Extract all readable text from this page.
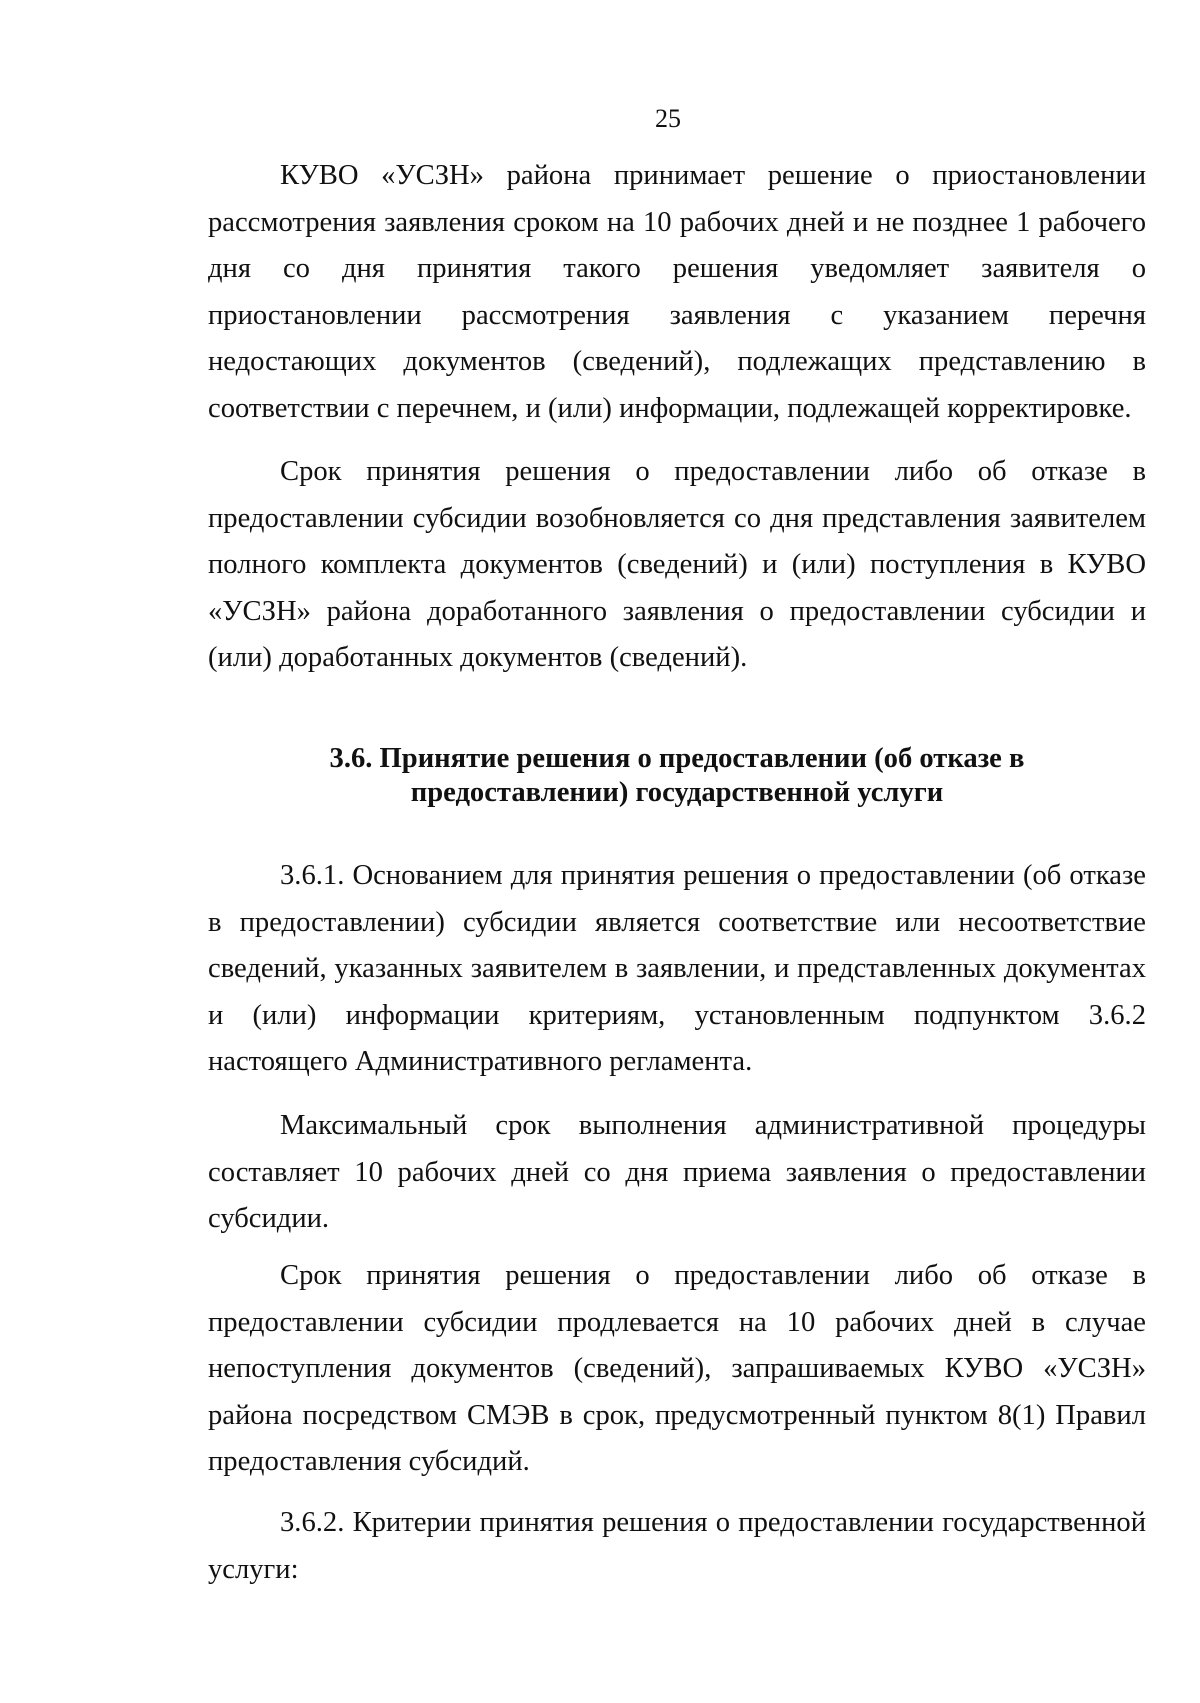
25

КУВО «УСЗН» района принимает решение о приостановлении рассмотрения заявления сроком на 10 рабочих дней и не позднее 1 рабочего дня со дня принятия такого решения уведомляет заявителя о приостановлении рассмотрения заявления с указанием перечня недостающих документов (сведений), подлежащих представлению в соответствии с перечнем, и (или) информации, подлежащей корректировке.

Срок принятия решения о предоставлении либо об отказе в предоставлении субсидии возобновляется со дня представления заявителем полного комплекта документов (сведений) и (или) поступления в КУВО «УСЗН» района доработанного заявления о предоставлении субсидии и (или) доработанных документов (сведений).

3.6. Принятие решения о предоставлении (об отказе в
предоставлении) государственной услуги

3.6.1. Основанием для принятия решения о предоставлении (об отказе в предоставлении) субсидии является соответствие или несоответствие сведений, указанных заявителем в заявлении, и представленных документах и (или) информации критериям, установленным подпунктом 3.6.2 настоящего Административного регламента.

Максимальный срок выполнения административной процедуры составляет 10 рабочих дней со дня приема заявления о предоставлении субсидии.

Срок принятия решения о предоставлении либо об отказе в предоставлении субсидии продлевается на 10 рабочих дней в случае непоступления документов (сведений), запрашиваемых КУВО «УСЗН» района посредством СМЭВ в срок, предусмотренный пунктом 8(1) Правил предоставления субсидий.

3.6.2. Критерии принятия решения о предоставлении государственной услуги:
